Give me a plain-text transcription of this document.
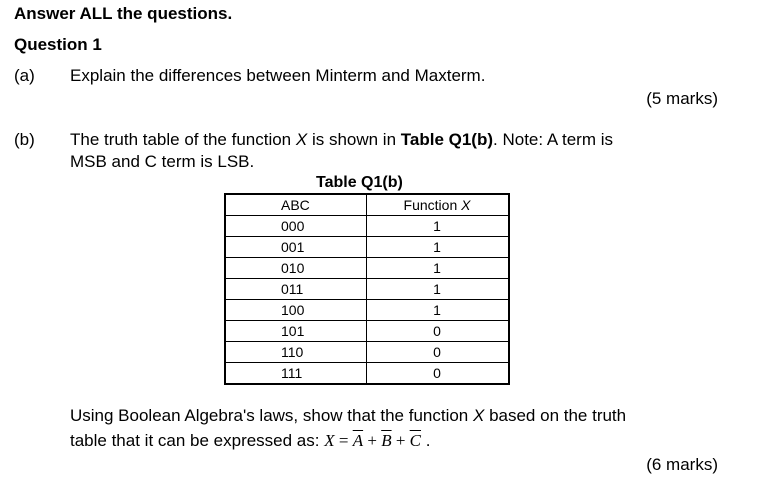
Answer ALL the questions.
Question 1
(a) Explain the differences between Minterm and Maxterm.
(5 marks)
(b) The truth table of the function X is shown in Table Q1(b). Note: A term is
MSB and C term is LSB.
Table Q1(b)
ABC	Function X
000	1
001	1
010	1
011	1
100	1
101	0
110	0
111	0
Using Boolean Algebra's laws, show that the function X based on the truth
table that it can be expressed as: $X = \overline{A} + \overline{B} + \overline{C}$ .
(6 marks)
